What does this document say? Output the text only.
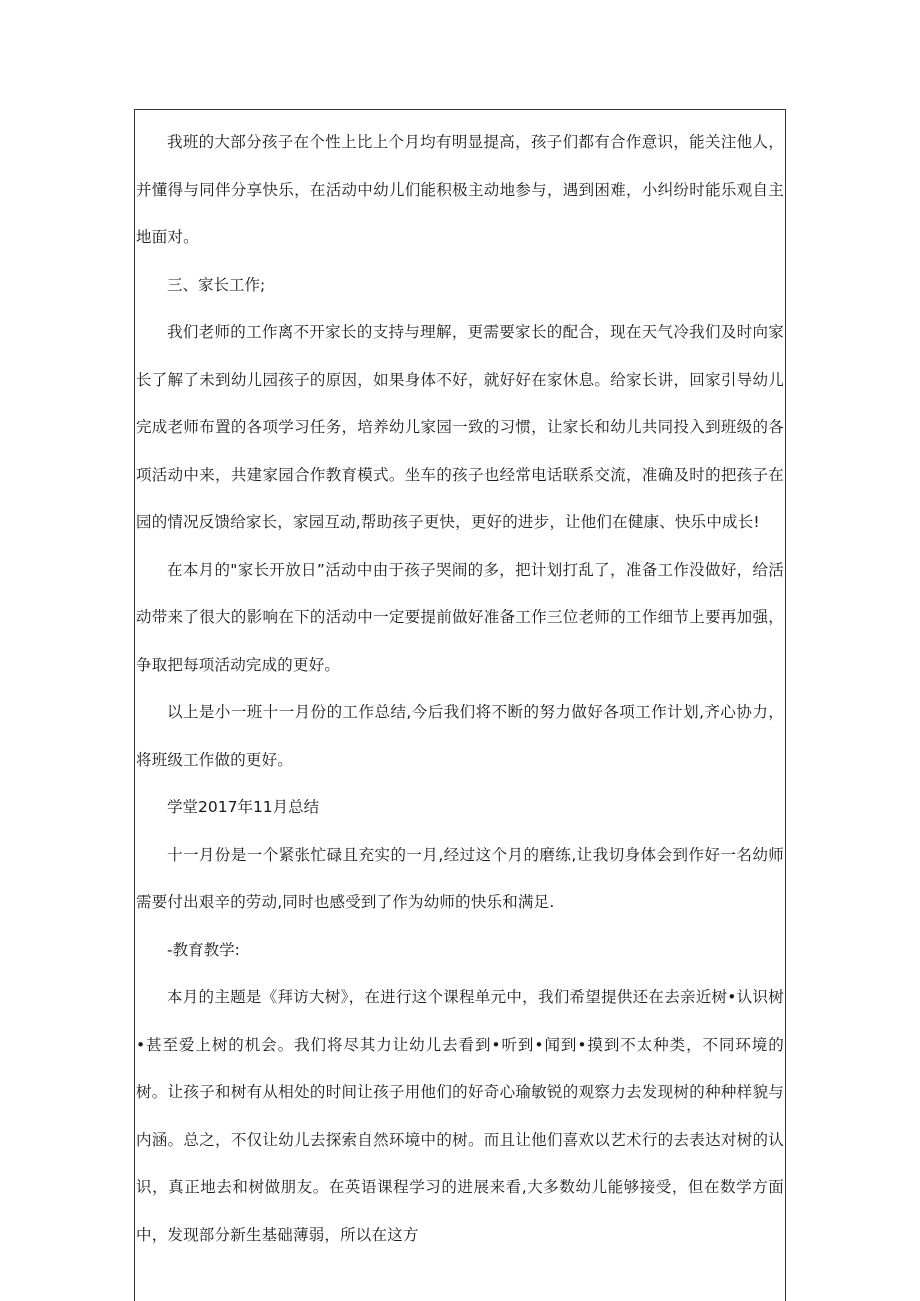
我班的大部分孩子在个性上比上个月均有明显提高，孩子们都有合作意识，能关注他人，并懂得与同伴分享快乐，在活动中幼儿们能积极主动地参与，遇到困难，小纠纷时能乐观自主地面对。

三、家长工作;

我们老师的工作离不开家长的支持与理解，更需要家长的配合，现在天气冷我们及时向家长了解了未到幼儿园孩子的原因，如果身体不好，就好好在家休息。给家长讲，回家引导幼儿完成老师布置的各项学习任务，培养幼儿家园一致的习惯，让家长和幼儿共同投入到班级的各项活动中来，共建家园合作教育模式。坐车的孩子也经常电话联系交流，准确及时的把孩子在园的情况反馈给家长，家园互动,帮助孩子更快，更好的进步，让他们在健康、快乐中成长!

在本月的"家长开放日”活动中由于孩子哭闹的多，把计划打乱了，准备工作没做好，给活动带来了很大的影响在下的活动中一定要提前做好准备工作三位老师的工作细节上要再加强，争取把每项活动完成的更好。

以上是小一班十一月份的工作总结,今后我们将不断的努力做好各项工作计划,齐心协力，将班级工作做的更好。

学堂2017年11月总结

十一月份是一个紧张忙碌且充实的一月,经过这个月的磨练,让我切身体会到作好一名幼师需要付出艰辛的劳动,同时也感受到了作为幼师的快乐和满足.

-教育教学:

本月的主题是《拜访大树》，在进行这个课程单元中，我们希望提供还在去亲近树•认识树•甚至爱上树的机会。我们将尽其力让幼儿去看到•听到•闻到•摸到不太种类，不同环境的树。让孩子和树有从相处的时间让孩子用他们的好奇心瑜敏锐的观察力去发现树的种种样貌与内涵。总之，不仅让幼儿去探索自然环境中的树。而且让他们喜欢以艺术行的去表达对树的认识，真正地去和树做朋友。在英语课程学习的进展来看,大多数幼儿能够接受，但在数学方面中，发现部分新生基础薄弱，所以在这方
